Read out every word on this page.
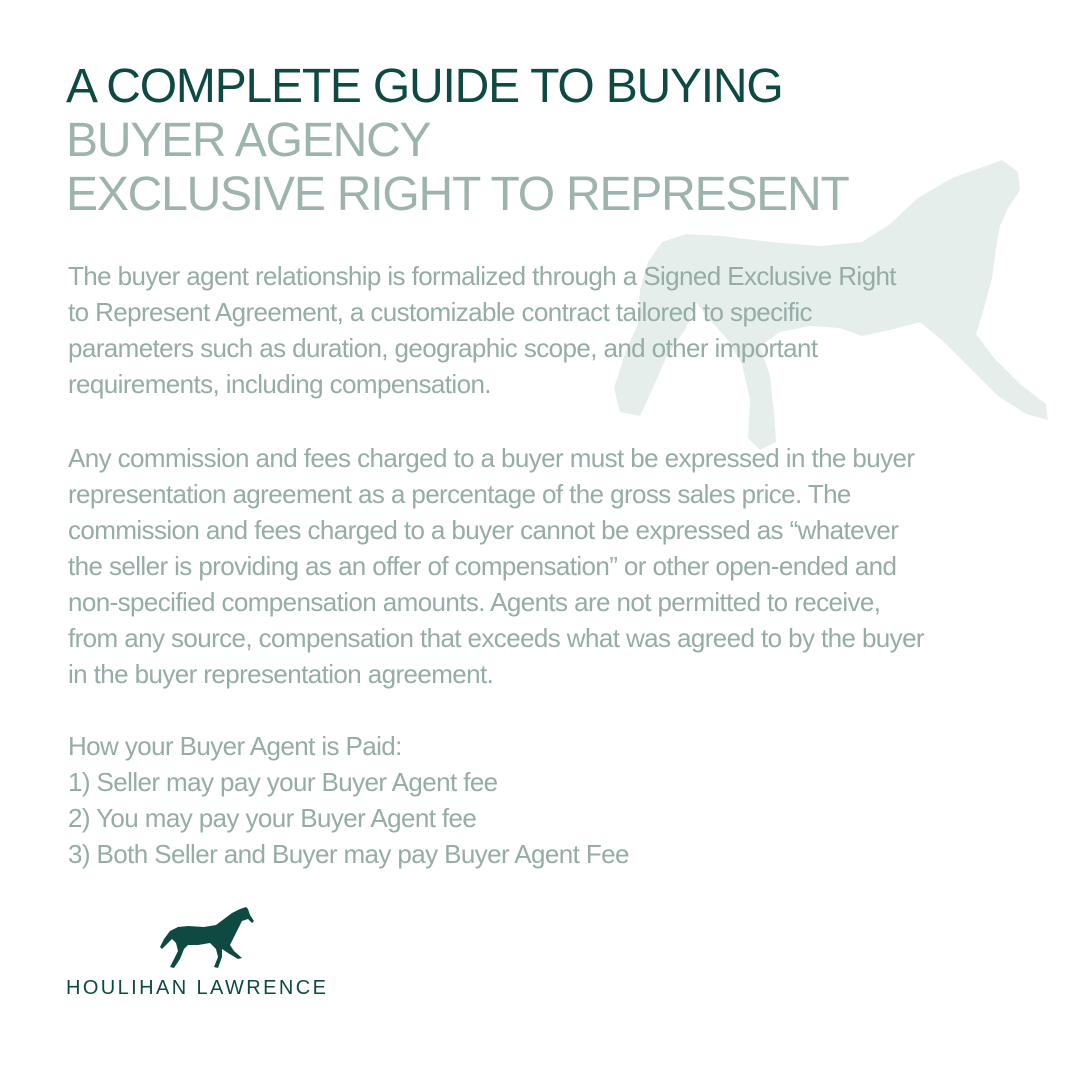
A COMPLETE GUIDE TO BUYING
BUYER AGENCY
EXCLUSIVE RIGHT TO REPRESENT

The buyer agent relationship is formalized through a Signed Exclusive Right
to Represent Agreement, a customizable contract tailored to specific
parameters such as duration, geographic scope, and other important
requirements, including compensation.

Any commission and fees charged to a buyer must be expressed in the buyer
representation agreement as a percentage of the gross sales price. The
commission and fees charged to a buyer cannot be expressed as “whatever
the seller is providing as an offer of compensation” or other open-ended and
non-specified compensation amounts. Agents are not permitted to receive,
from any source, compensation that exceeds what was agreed to by the buyer
in the buyer representation agreement.

How your Buyer Agent is Paid:
1) Seller may pay your Buyer Agent fee
2) You may pay your Buyer Agent fee
3) Both Seller and Buyer may pay Buyer Agent Fee

HOULIHAN LAWRENCE
